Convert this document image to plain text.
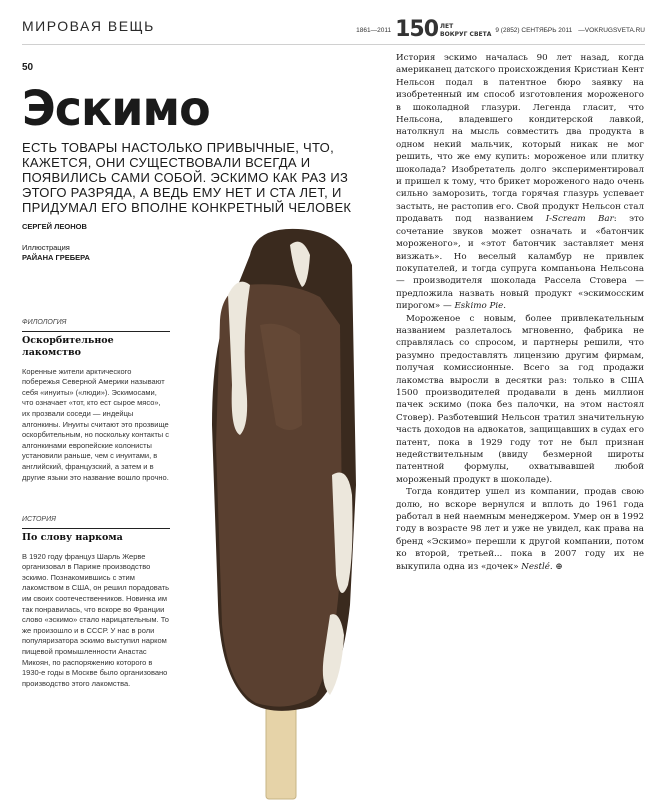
МИРОВАЯ ВЕЩЬ	1861—2011 150 ЛЕТ
ВОКРУГ СВЕТА
9 (2852) СЕНТЯБРЬ 2011 —VOKRUGSVETA.RU
50
Эскимо
ЕСТЬ ТОВАРЫ НАСТОЛЬКО ПРИВЫЧНЫЕ, ЧТО, КАЖЕТСЯ, ОНИ СУЩЕСТВОВАЛИ ВСЕГДА И ПОЯВИЛИСЬ САМИ СОБОЙ. ЭСКИМО КАК РАЗ ИЗ ЭТОГО РАЗРЯДА, А ВЕДЬ ЕМУ НЕТ И СТА ЛЕТ, И ПРИДУМАЛ ЕГО ВПОЛНЕ КОНКРЕТНЫЙ ЧЕЛОВЕК
СЕРГЕЙ ЛЕОНОВ
Иллюстрация
РАЙАНА ГРЕБЕРА
ФИЛОЛОГИЯ
Оскорбительное лакомство

Коренные жители арктического побережья Северной Америки называют себя «инуиты» («люди»). Эскимосами, что означает «тот, кто ест сырое мясо», их прозвали соседи — индейцы алгонкины. Инуиты считают это прозвище оскорбительным, но поскольку контакты с алгонкинами европейские колонисты установили раньше, чем с инуитами, в английский, французский, а затем и в другие языки это название вошло прочно.

ИСТОРИЯ
По слову наркома

В 1920 году француз Шарль Жерве организовал в Париже производство эскимо. Познакомившись с этим лакомством в США, он решил порадовать им своих соотечественников. Новинка им так понравилась, что вскоре во Франции слово «эскимо» стало нарицательным. То же произошло и в СССР. У нас в роли популяризатора эскимо выступил нарком пищевой промышленности Анастас Микоян, по распоряжению которого в 1930-е годы в Москве было организовано производство этого лакомства.

История эскимо началась 90 лет назад, когда американец датского происхождения Кристиан Кент Нельсон подал в патентное бюро заявку на изобретенный им способ изготовления мороженого в шоколадной глазури. Легенда гласит, что Нельсона, владевшего кондитерской лавкой, натолкнул на мысль совместить два продукта в одном некий мальчик, который никак не мог решить, что же ему купить: мороженое или плитку шоколада? Изобретатель долго экспериментировал и пришел к тому, что брикет мороженого надо очень сильно заморозить, тогда горячая глазурь успевает застыть, не растопив его. Свой продукт Нельсон стал продавать под названием I-Scream Bar: это сочетание звуков может означать и «батончик мороженого», и «этот батончик заставляет меня визжать». Но веселый каламбур не привлек покупателей, и тогда супруга компаньона Нельсона — производителя шоколада Рассела Стовера — предложила назвать новый продукт «эскимосским пирогом» — Eskimo Pie.

Мороженое с новым, более привлекательным названием разлеталось мгновенно, фабрика не справлялась со спросом, и партнеры решили, что разумно предоставлять лицензию другим фирмам, получая комиссионные. Всего за год продажи лакомства выросли в десятки раз: только в США 1500 производителей продавали в день миллион пачек эскимо (пока без палочки, на этом настоял Стовер). Разботевший Нельсон тратил значительную часть доходов на адвокатов, защищавших в судах его патент, пока в 1929 году тот не был признан недействительным (ввиду безмерной широты патентной формулы, охватывавшей любой мороженый продукт в шоколаде).

Тогда кондитер ушел из компании, продав свою долю, но вскоре вернулся и вплоть до 1961 года работал в ней наемным менеджером. Умер он в 1992 году в возрасте 98 лет и уже не увидел, как права на бренд «Эскимо» перешли к другой компании, потом ко второй, третьей... пока в 2007 году их не выкупила одна из «дочек» Nestlé. ⊕
